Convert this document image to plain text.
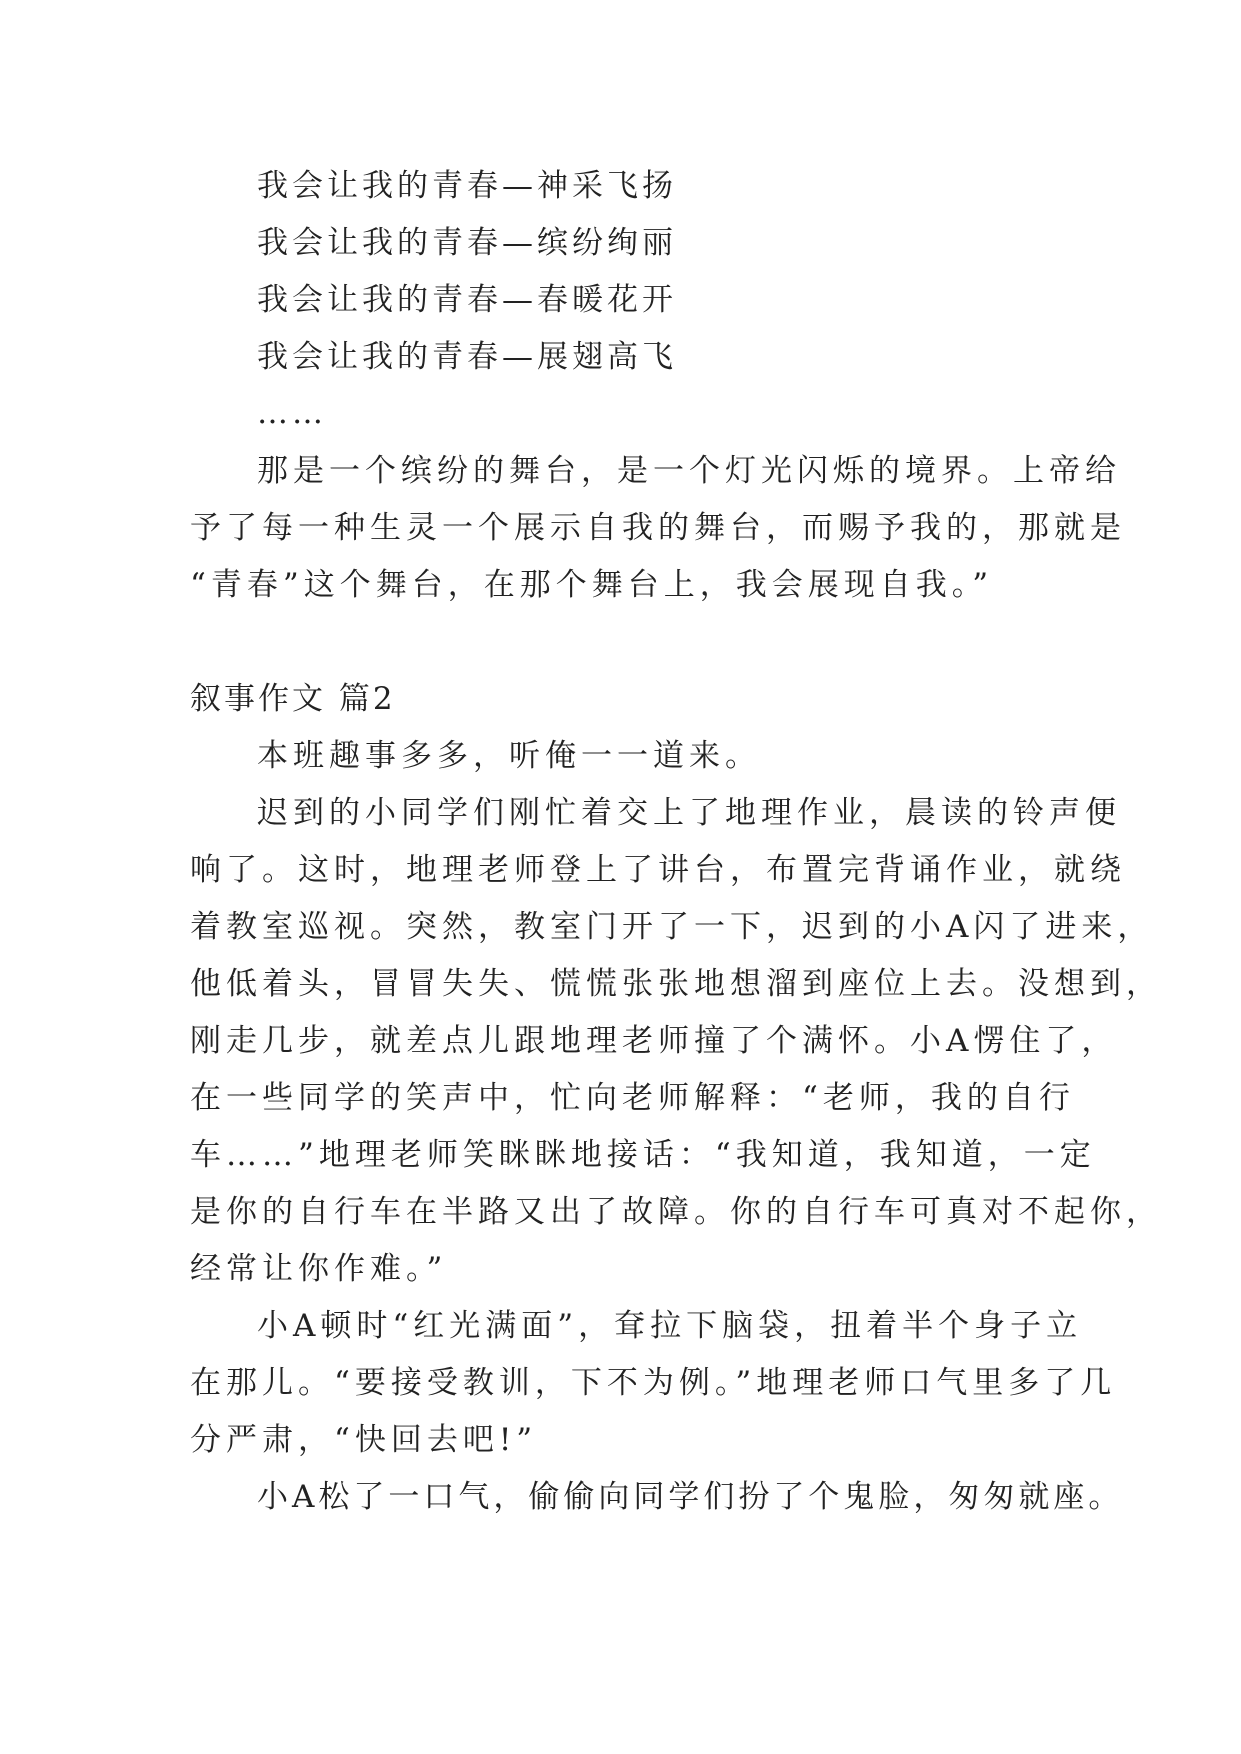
我会让我的青春—神采飞扬
我会让我的青春—缤纷绚丽
我会让我的青春—春暖花开
我会让我的青春—展翅高飞
……
那是一个缤纷的舞台，是一个灯光闪烁的境界。上帝给
予了每一种生灵一个展示自我的舞台，而赐予我的，那就是
“青春”这个舞台，在那个舞台上，我会展现自我。”
叙事作文 篇2
本班趣事多多，听俺一一道来。
迟到的小同学们刚忙着交上了地理作业，晨读的铃声便
响了。这时，地理老师登上了讲台，布置完背诵作业，就绕
着教室巡视。突然，教室门开了一下，迟到的小A闪了进来，
他低着头，冒冒失失、慌慌张张地想溜到座位上去。没想到，
刚走几步，就差点儿跟地理老师撞了个满怀。小A愣住了，
在一些同学的笑声中，忙向老师解释：“老师，我的自行
车……”地理老师笑眯眯地接话：“我知道，我知道，一定
是你的自行车在半路又出了故障。你的自行车可真对不起你，
经常让你作难。”
小A顿时“红光满面”，耷拉下脑袋，扭着半个身子立
在那儿。“要接受教训，下不为例。”地理老师口气里多了几
分严肃，“快回去吧!”
小A松了一口气，偷偷向同学们扮了个鬼脸，匆匆就座。
